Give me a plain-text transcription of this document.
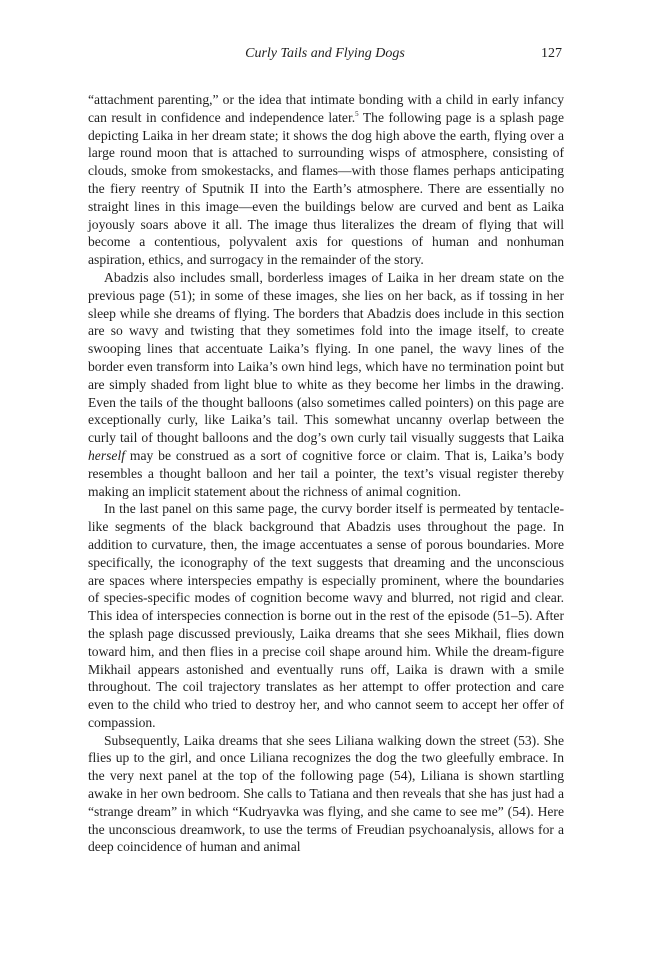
Curly Tails and Flying Dogs	127

“attachment parenting,” or the idea that intimate bonding with a child in early infancy can result in confidence and independence later.$^5$ The following page is a splash page depicting Laika in her dream state; it shows the dog high above the earth, flying over a large round moon that is attached to surrounding wisps of atmosphere, consisting of clouds, smoke from smokestacks, and flames—with those flames perhaps anticipating the fiery reentry of Sputnik II into the Earth’s atmosphere. There are essentially no straight lines in this image—even the buildings below are curved and bent as Laika joyously soars above it all. The image thus literalizes the dream of flying that will become a contentious, polyvalent axis for questions of human and nonhuman aspiration, ethics, and surrogacy in the remainder of the story.

Abadzis also includes small, borderless images of Laika in her dream state on the previous page (51); in some of these images, she lies on her back, as if tossing in her sleep while she dreams of flying. The borders that Abadzis does include in this section are so wavy and twisting that they sometimes fold into the image itself, to create swooping lines that accentuate Laika’s flying. In one panel, the wavy lines of the border even transform into Laika’s own hind legs, which have no termination point but are simply shaded from light blue to white as they become her limbs in the drawing. Even the tails of the thought balloons (also sometimes called pointers) on this page are exceptionally curly, like Laika’s tail. This somewhat uncanny overlap between the curly tail of thought balloons and the dog’s own curly tail visually suggests that Laika herself may be construed as a sort of cognitive force or claim. That is, Laika’s body resembles a thought balloon and her tail a pointer, the text’s visual register thereby making an implicit statement about the richness of animal cognition.

In the last panel on this same page, the curvy border itself is permeated by tentacle-like segments of the black background that Abadzis uses throughout the page. In addition to curvature, then, the image accentuates a sense of porous boundaries. More specifically, the iconography of the text suggests that dreaming and the unconscious are spaces where interspecies empathy is especially prominent, where the boundaries of species-specific modes of cognition become wavy and blurred, not rigid and clear. This idea of interspecies connection is borne out in the rest of the episode (51–5). After the splash page discussed previously, Laika dreams that she sees Mikhail, flies down toward him, and then flies in a precise coil shape around him. While the dream-figure Mikhail appears astonished and eventually runs off, Laika is drawn with a smile throughout. The coil trajectory translates as her attempt to offer protection and care even to the child who tried to destroy her, and who cannot seem to accept her offer of compassion.

Subsequently, Laika dreams that she sees Liliana walking down the street (53). She flies up to the girl, and once Liliana recognizes the dog the two gleefully embrace. In the very next panel at the top of the following page (54), Liliana is shown startling awake in her own bedroom. She calls to Tatiana and then reveals that she has just had a “strange dream” in which “Kudryavka was flying, and she came to see me” (54). Here the unconscious dreamwork, to use the terms of Freudian psychoanalysis, allows for a deep coincidence of human and animal
